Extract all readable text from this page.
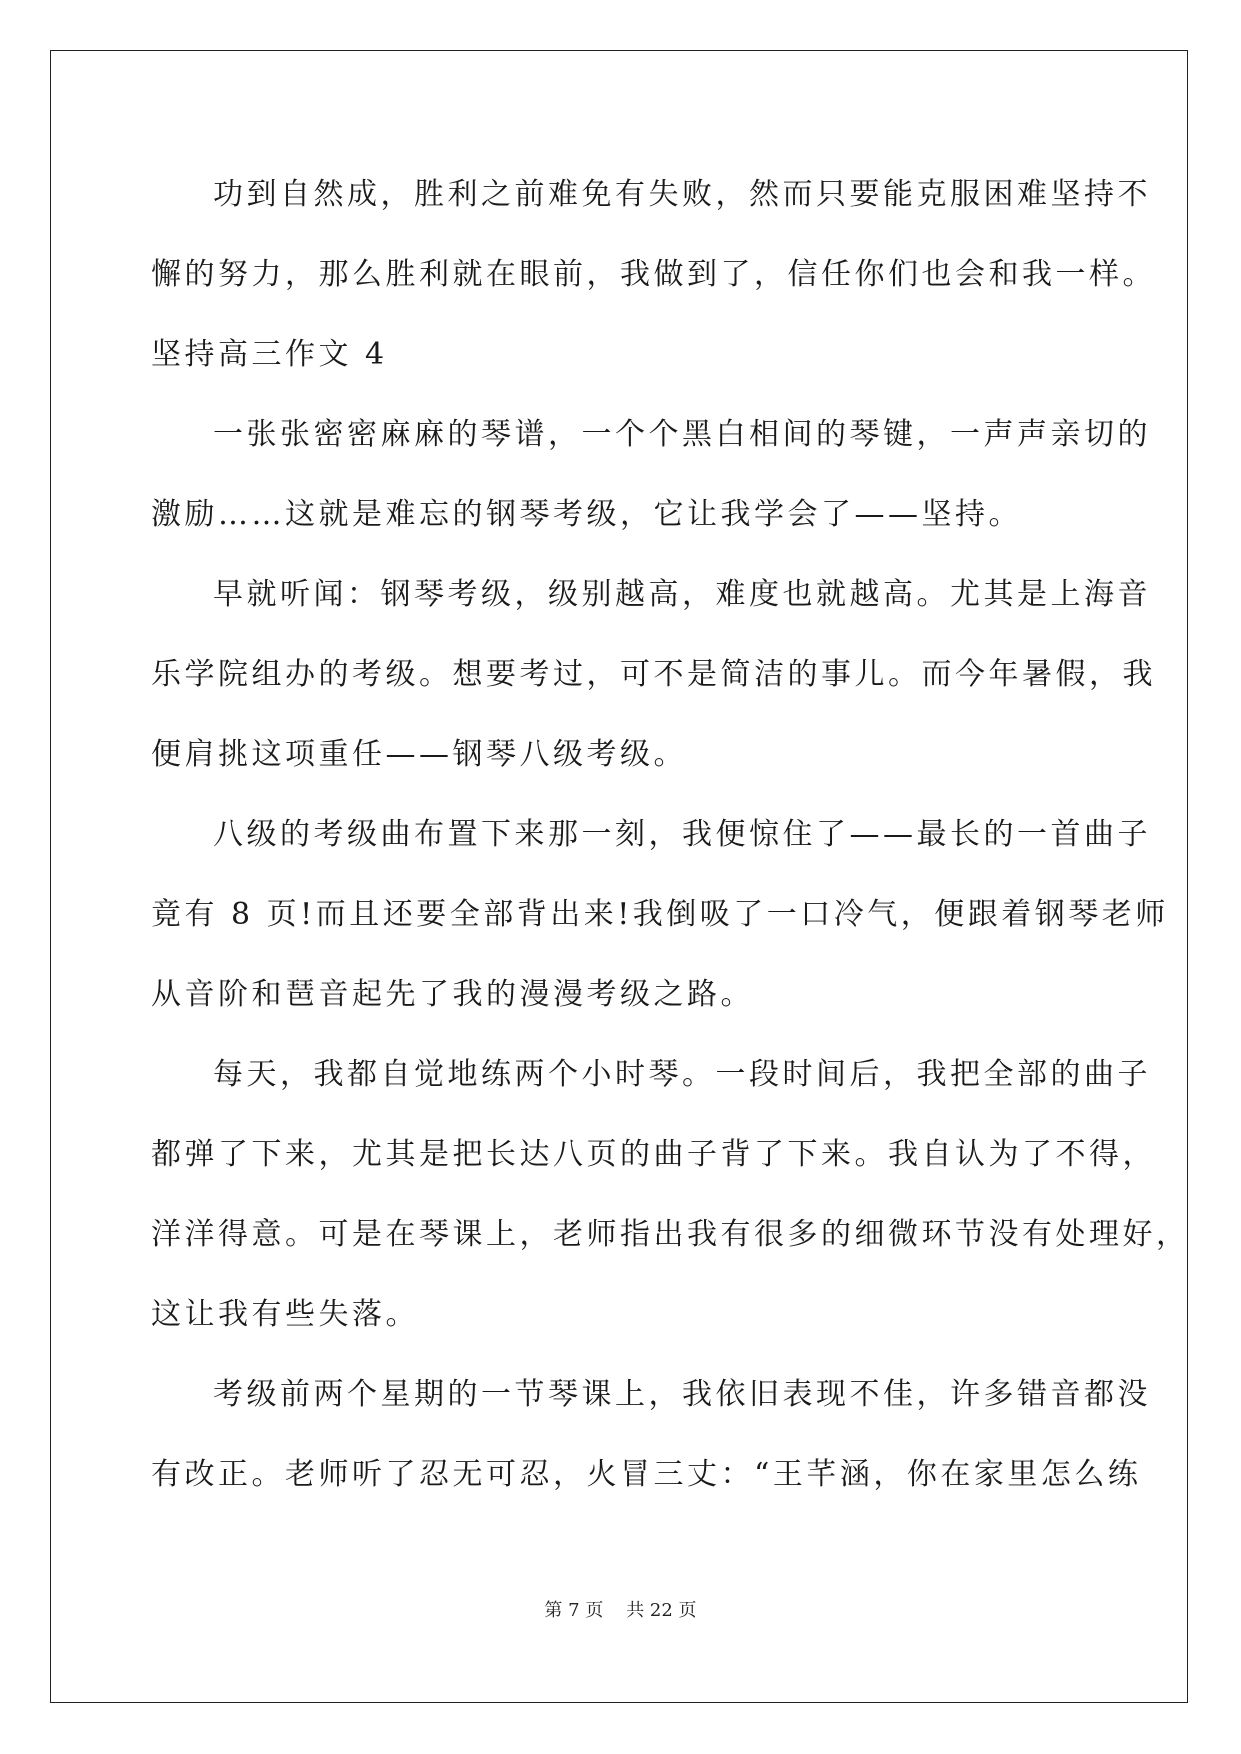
功到自然成，胜利之前难免有失败，然而只要能克服困难坚持不
懈的努力，那么胜利就在眼前，我做到了，信任你们也会和我一样。
坚持高三作文 4
一张张密密麻麻的琴谱，一个个黑白相间的琴键，一声声亲切的
激励……这就是难忘的钢琴考级，它让我学会了——坚持。
早就听闻：钢琴考级，级别越高，难度也就越高。尤其是上海音
乐学院组办的考级。想要考过，可不是简洁的事儿。而今年暑假，我
便肩挑这项重任——钢琴八级考级。
八级的考级曲布置下来那一刻，我便惊住了——最长的一首曲子
竟有 8 页!而且还要全部背出来!我倒吸了一口冷气，便跟着钢琴老师
从音阶和琶音起先了我的漫漫考级之路。
每天，我都自觉地练两个小时琴。一段时间后，我把全部的曲子
都弹了下来，尤其是把长达八页的曲子背了下来。我自认为了不得，
洋洋得意。可是在琴课上，老师指出我有很多的细微环节没有处理好，
这让我有些失落。
考级前两个星期的一节琴课上，我依旧表现不佳，许多错音都没
有改正。老师听了忍无可忍，火冒三丈：“王芊涵，你在家里怎么练
第 7 页    共 22 页
